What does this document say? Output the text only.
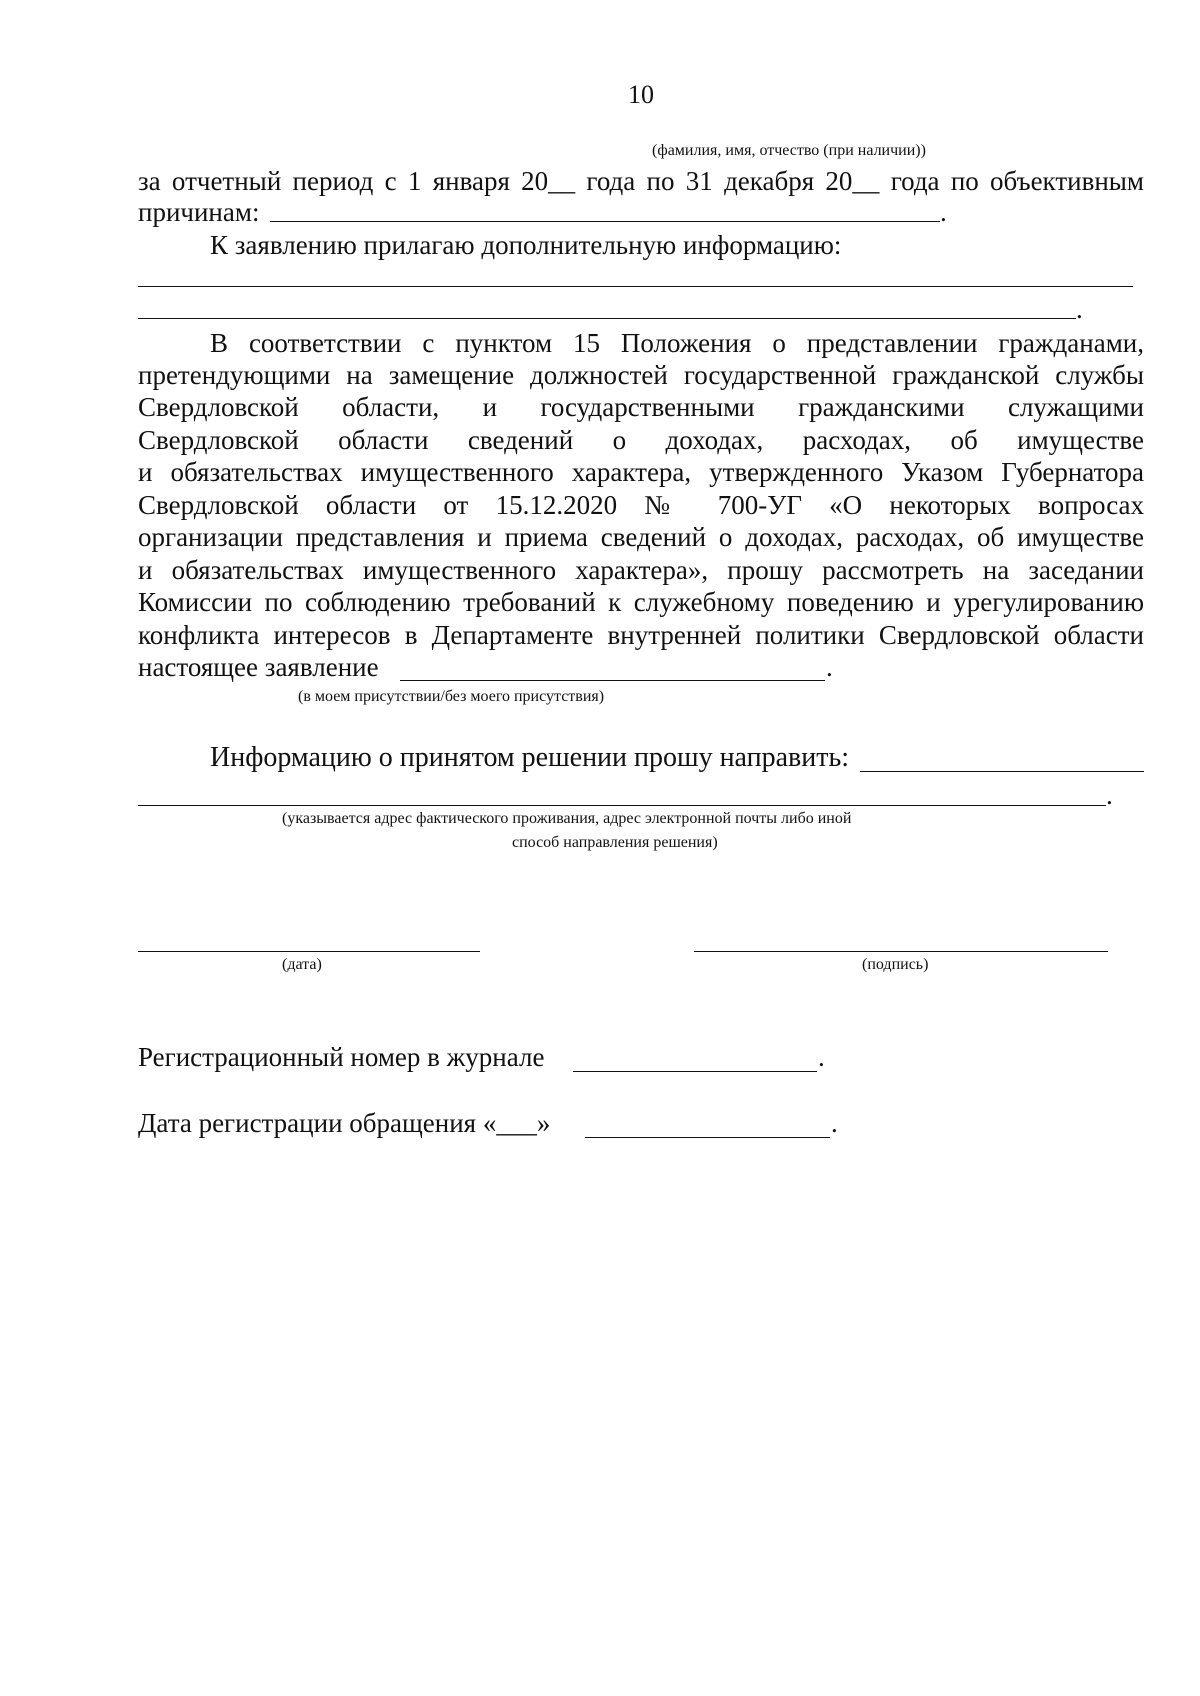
10
(фамилия, имя, отчество (при наличии))
за отчетный период с 1 января 20__ года по 31 декабря 20__ года по объективным
причинам:	.
К заявлению прилагаю дополнительную информацию:
.
В соответствии с пунктом 15 Положения о представлении гражданами,
претендующими на замещение должностей государственной гражданской службы
Свердловской области, и государственными гражданскими служащими
Свердловской области сведений о доходах, расходах, об имуществе
и обязательствах имущественного характера, утвержденного Указом Губернатора
Свердловской области от 15.12.2020 № 700-УГ «О некоторых вопросах
организации представления и приема сведений о доходах, расходах, об имуществе
и обязательствах имущественного характера», прошу рассмотреть на заседании
Комиссии по соблюдению требований к служебному поведению и урегулированию
конфликта интересов в Департаменте внутренней политики Свердловской области
настоящее заявление	.
(в моем присутствии/без моего присутствия)
Информацию о принятом решении прошу направить:
.
(указывается адрес фактического проживания, адрес электронной почты либо иной
способ направления решения)
(дата)	(подпись)
Регистрационный номер в журнале	.
Дата регистрации обращения «___»	.
